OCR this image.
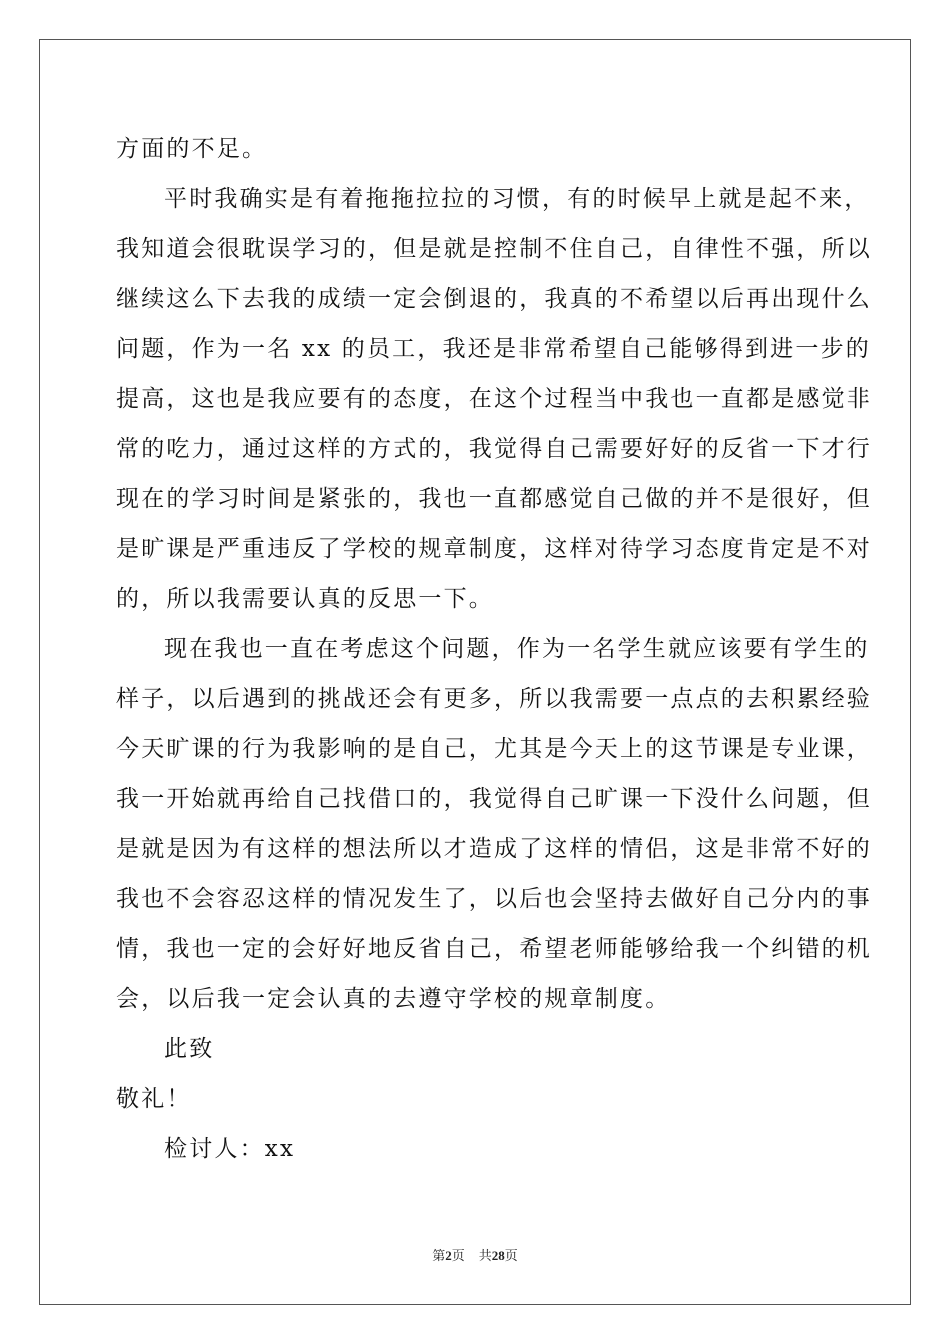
方面的不足。
平时我确实是有着拖拖拉拉的习惯，有的时候早上就是起不来，
我知道会很耽误学习的，但是就是控制不住自己，自律性不强，所以
继续这么下去我的成绩一定会倒退的，我真的不希望以后再出现什么
问题，作为一名 xx 的员工，我还是非常希望自己能够得到进一步的
提高，这也是我应要有的态度，在这个过程当中我也一直都是感觉非
常的吃力，通过这样的方式的，我觉得自己需要好好的反省一下才行
现在的学习时间是紧张的，我也一直都感觉自己做的并不是很好，但
是旷课是严重违反了学校的规章制度，这样对待学习态度肯定是不对
的，所以我需要认真的反思一下。
现在我也一直在考虑这个问题，作为一名学生就应该要有学生的
样子，以后遇到的挑战还会有更多，所以我需要一点点的去积累经验
今天旷课的行为我影响的是自己，尤其是今天上的这节课是专业课，
我一开始就再给自己找借口的，我觉得自己旷课一下没什么问题，但
是就是因为有这样的想法所以才造成了这样的情侣，这是非常不好的
我也不会容忍这样的情况发生了，以后也会坚持去做好自己分内的事
情，我也一定的会好好地反省自己，希望老师能够给我一个纠错的机
会，以后我一定会认真的去遵守学校的规章制度。
此致
敬礼！
检讨人：xx
第2页 共28页
